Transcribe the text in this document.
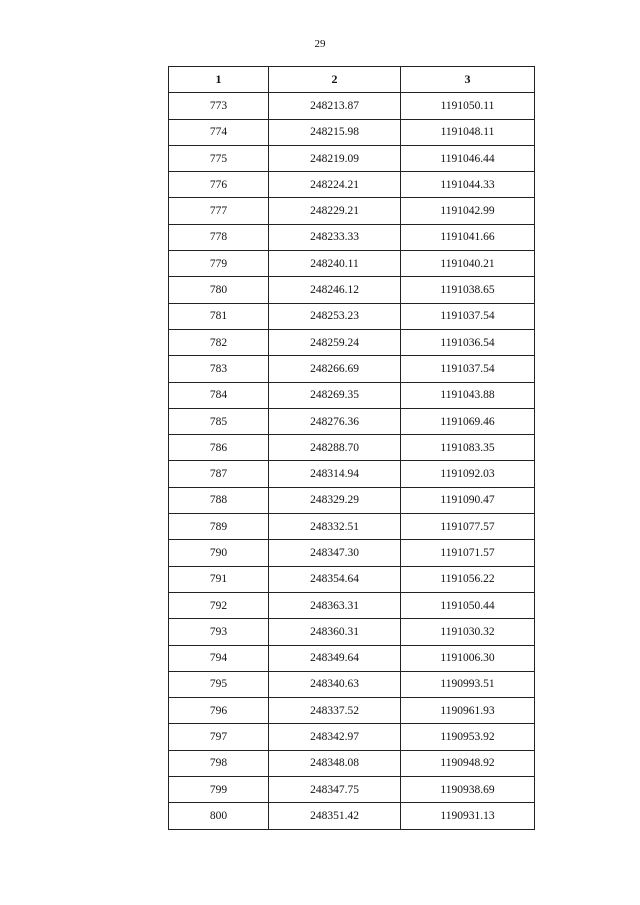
29
1	2	3
773	248213.87	1191050.11
774	248215.98	1191048.11
775	248219.09	1191046.44
776	248224.21	1191044.33
777	248229.21	1191042.99
778	248233.33	1191041.66
779	248240.11	1191040.21
780	248246.12	1191038.65
781	248253.23	1191037.54
782	248259.24	1191036.54
783	248266.69	1191037.54
784	248269.35	1191043.88
785	248276.36	1191069.46
786	248288.70	1191083.35
787	248314.94	1191092.03
788	248329.29	1191090.47
789	248332.51	1191077.57
790	248347.30	1191071.57
791	248354.64	1191056.22
792	248363.31	1191050.44
793	248360.31	1191030.32
794	248349.64	1191006.30
795	248340.63	1190993.51
796	248337.52	1190961.93
797	248342.97	1190953.92
798	248348.08	1190948.92
799	248347.75	1190938.69
800	248351.42	1190931.13
